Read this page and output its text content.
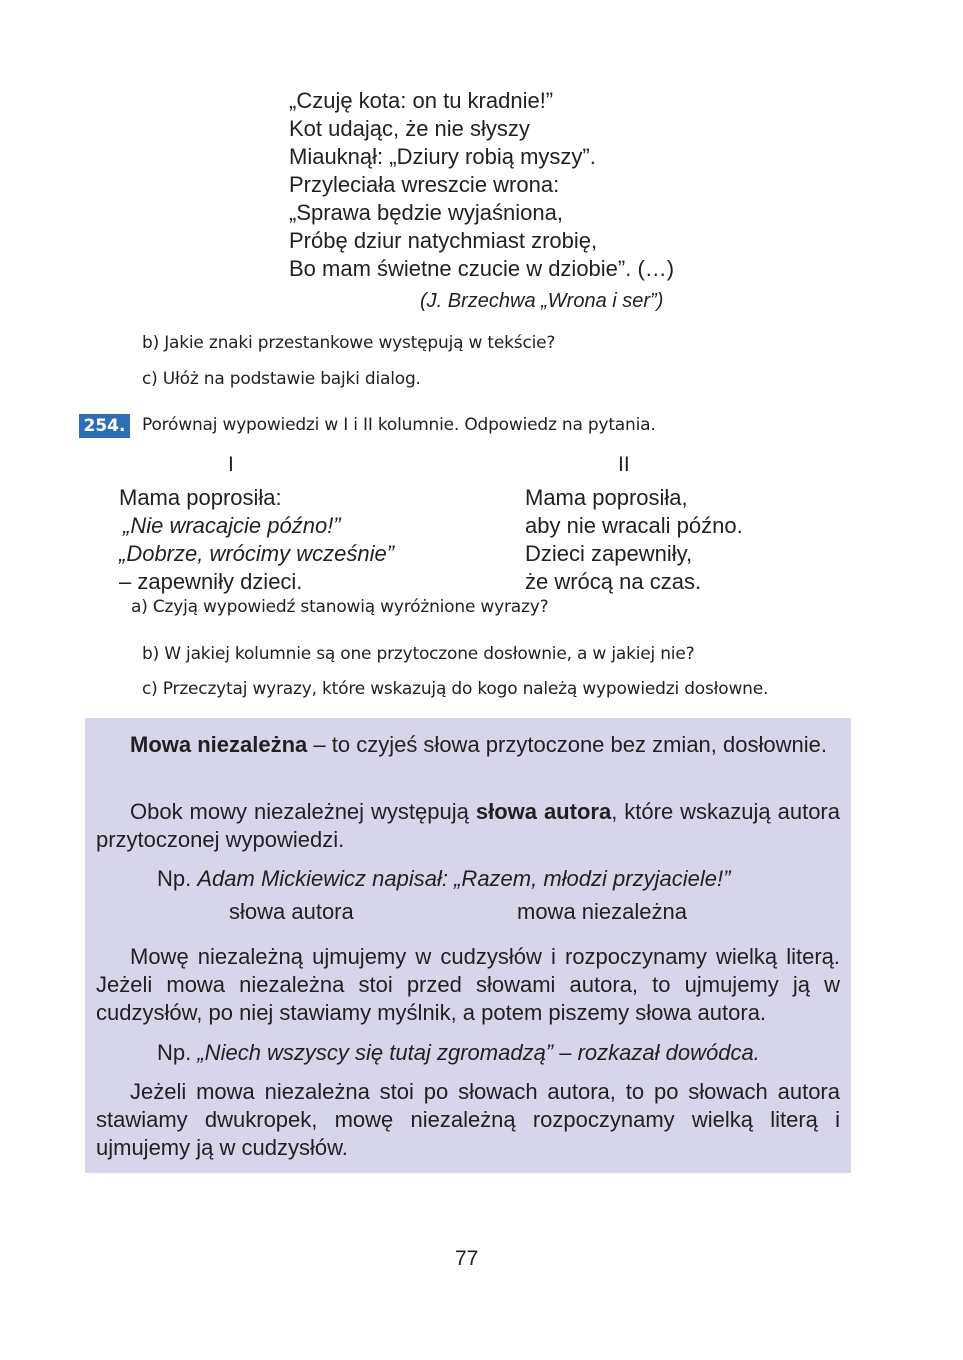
„Czuję kota: on tu kradnie!”
Kot udając, że nie słyszy
Miauknął: „Dziury robią myszy”.
Przyleciała wreszcie wrona:
„Sprawa będzie wyjaśniona,
Próbę dziur natychmiast zrobię,
Bo mam świetne czucie w dziobie”. (…)
(J. Brzechwa „Wrona i ser”)
b) Jakie znaki przestankowe występują w tekście?
c) Ułóż na podstawie bajki dialog.
254. Porównaj wypowiedzi w I i II kolumnie. Odpowiedz na pytania.
I	II
Mama poprosiła:
„Nie wracajcie późno!”
„Dobrze, wrócimy wcześnie”
– zapewniły dzieci.
Mama poprosiła,
aby nie wracali późno.
Dzieci zapewniły,
że wrócą na czas.
a) Czyją wypowiedź stanowią wyróżnione wyrazy?
b) W jakiej kolumnie są one przytoczone dosłownie, a w jakiej nie?
c) Przeczytaj wyrazy, które wskazują do kogo należą wypowiedzi dosłowne.
Mowa niezależna – to czyjeś słowa przytoczone bez zmian, dosłownie.
Obok mowy niezależnej występują słowa autora, które wskazują autora przytoczonej wypowiedzi.
Np. Adam Mickiewicz napisał: „Razem, młodzi przyjaciele!”
słowa autora	mowa niezależna
Mowę niezależną ujmujemy w cudzysłów i rozpoczynamy wielką literą. Jeżeli mowa niezależna stoi przed słowami autora, to ujmujemy ją w cudzysłów, po niej stawiamy myślnik, a potem piszemy słowa autora.
Np. „Niech wszyscy się tutaj zgromadzą” – rozkazał dowódca.
Jeżeli mowa niezależna stoi po słowach autora, to po słowach autora stawiamy dwukropek, mowę niezależną rozpoczynamy wielką literą i ujmujemy ją w cudzysłów.
77
